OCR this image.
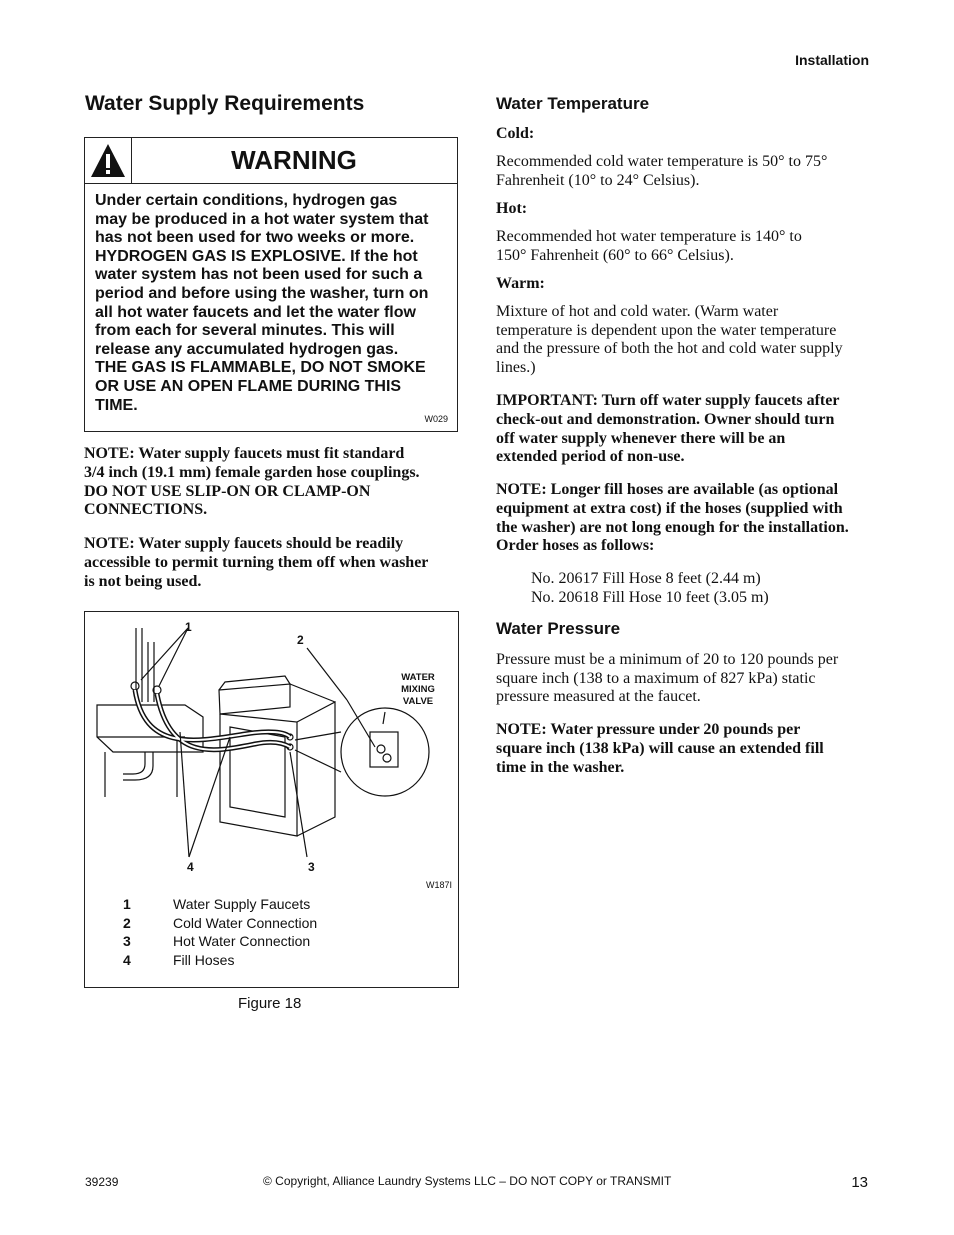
Installation
Water Supply Requirements
WARNING
Under certain conditions, hydrogen gas
may be produced in a hot water system that
has not been used for two weeks or more.
HYDROGEN GAS IS EXPLOSIVE. If the hot
water system has not been used for such a
period and before using the washer, turn on
all hot water faucets and let the water flow
from each for several minutes. This will
release any accumulated hydrogen gas.
THE GAS IS FLAMMABLE, DO NOT SMOKE
OR USE AN OPEN FLAME DURING THIS
TIME.
W029
NOTE: Water supply faucets must fit standard
3/4 inch (19.1 mm) female garden hose couplings.
DO NOT USE SLIP-ON OR CLAMP-ON
CONNECTIONS.
NOTE: Water supply faucets should be readily
accessible to permit turning them off when washer
is not being used.
1
2
3
4
WATER
MIXING
VALVE
W187I
1	Water Supply Faucets
2	Cold Water Connection
3	Hot Water Connection
4	Fill Hoses
Figure 18
Water Temperature
Cold:
Recommended cold water temperature is 50° to 75°
Fahrenheit (10° to 24° Celsius).
Hot:
Recommended hot water temperature is 140° to
150° Fahrenheit (60° to 66° Celsius).
Warm:
Mixture of hot and cold water. (Warm water
temperature is dependent upon the water temperature
and the pressure of both the hot and cold water supply
lines.)
IMPORTANT: Turn off water supply faucets after
check-out and demonstration. Owner should turn
off water supply whenever there will be an
extended period of non-use.
NOTE: Longer fill hoses are available (as optional
equipment at extra cost) if the hoses (supplied with
the washer) are not long enough for the installation.
Order hoses as follows:
No. 20617 Fill Hose 8 feet (2.44 m)
No. 20618 Fill Hose 10 feet (3.05 m)
Water Pressure
Pressure must be a minimum of 20 to 120 pounds per
square inch (138 to a maximum of 827 kPa) static
pressure measured at the faucet.
NOTE: Water pressure under 20 pounds per
square inch (138 kPa) will cause an extended fill
time in the washer.
39239	© Copyright, Alliance Laundry Systems LLC – DO NOT COPY or TRANSMIT	13
